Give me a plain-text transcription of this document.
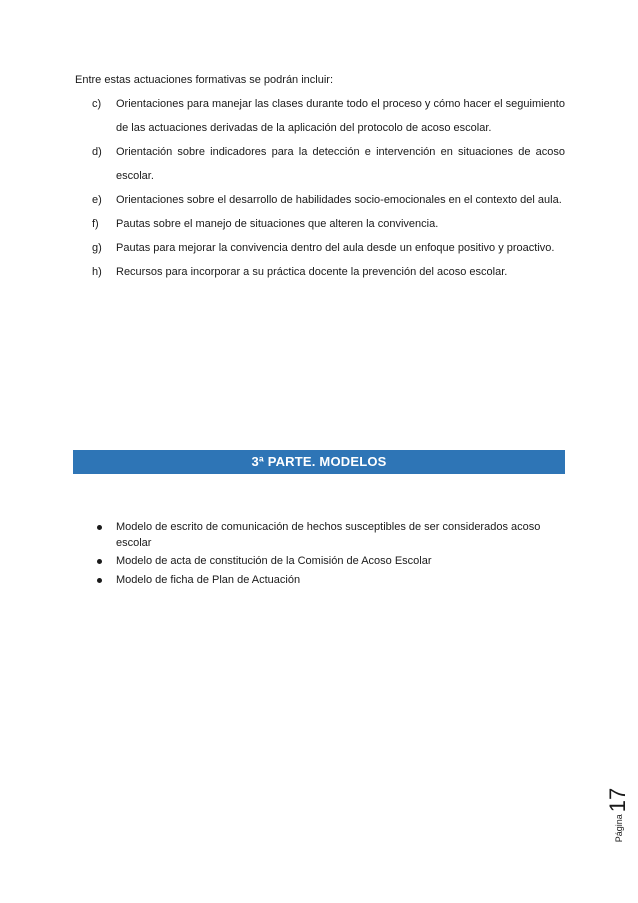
Entre estas actuaciones formativas se podrán incluir:
c) Orientaciones para manejar las clases durante todo el proceso y cómo hacer el seguimiento de las actuaciones derivadas de la aplicación del protocolo de acoso escolar.
d) Orientación sobre indicadores para la detección e intervención en situaciones de acoso escolar.
e) Orientaciones sobre el desarrollo de habilidades socio-emocionales en el contexto del aula.
f) Pautas sobre el manejo de situaciones que alteren la convivencia.
g) Pautas para mejorar la convivencia dentro del aula desde un enfoque positivo y proactivo.
h) Recursos para incorporar a su práctica docente la prevención del acoso escolar.
3ª PARTE. MODELOS
Modelo de escrito de comunicación de hechos susceptibles de ser considerados acoso escolar
Modelo de acta de constitución de la Comisión de Acoso Escolar
Modelo de ficha de Plan de Actuación
Página17
